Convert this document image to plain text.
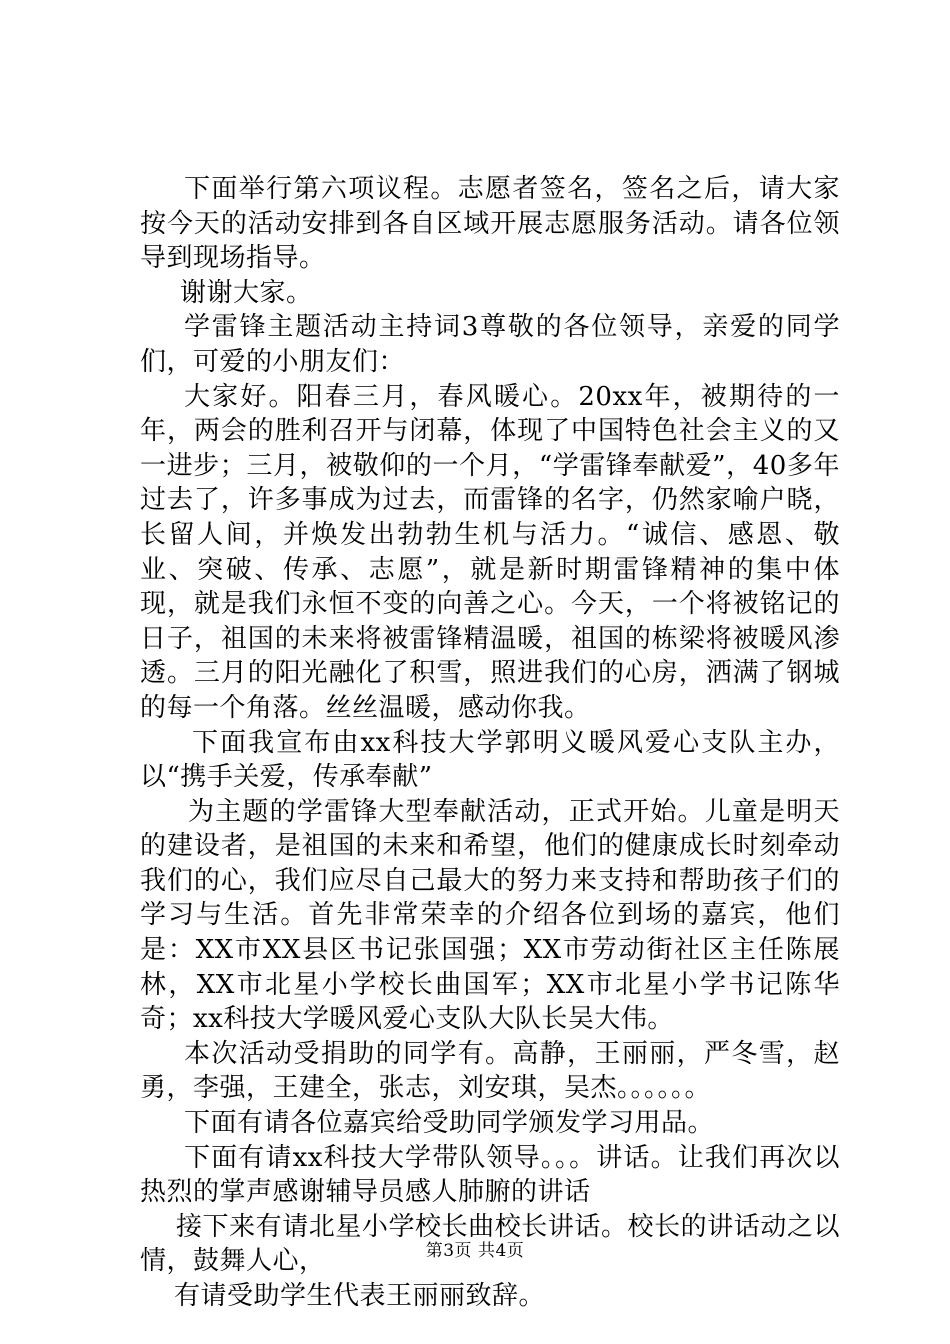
下面举行第六项议程。志愿者签名，签名之后，请大家按今天的活动安排到各自区域开展志愿服务活动。请各位领导到现场指导。

谢谢大家。

学雷锋主题活动主持词3尊敬的各位领导，亲爱的同学们，可爱的小朋友们：

大家好。阳春三月，春风暖心。20xx年，被期待的一年，两会的胜利召开与闭幕，体现了中国特色社会主义的又一进步；三月，被敬仰的一个月，“学雷锋奉献爱”，40多年过去了，许多事成为过去，而雷锋的名字，仍然家喻户晓，长留人间，并焕发出勃勃生机与活力。“诚信、感恩、敬业、突破、传承、志愿”，就是新时期雷锋精神的集中体现，就是我们永恒不变的向善之心。今天，一个将被铭记的日子，祖国的未来将被雷锋精温暖，祖国的栋梁将被暖风渗透。三月的阳光融化了积雪，照进我们的心房，洒满了钢城的每一个角落。丝丝温暖，感动你我。

下面我宣布由xx科技大学郭明义暖风爱心支队主办，以“携手关爱，传承奉献”

为主题的学雷锋大型奉献活动，正式开始。儿童是明天的建设者，是祖国的未来和希望，他们的健康成长时刻牵动我们的心，我们应尽自己最大的努力来支持和帮助孩子们的学习与生活。首先非常荣幸的介绍各位到场的嘉宾，他们是：XX市XX县区书记张国强；XX市劳动街社区主任陈展林，XX市北星小学校长曲国军；XX市北星小学书记陈华奇；xx科技大学暖风爱心支队大队长吴大伟。

本次活动受捐助的同学有。高静，王丽丽，严冬雪，赵勇，李强，王建全，张志，刘安琪，吴杰。。。。。。

下面有请各位嘉宾给受助同学颁发学习用品。

下面有请xx科技大学带队领导。。。讲话。让我们再次以热烈的掌声感谢辅导员感人肺腑的讲话

接下来有请北星小学校长曲校长讲话。校长的讲话动之以情，鼓舞人心，

有请受助学生代表王丽丽致辞。

第3页 共4页
